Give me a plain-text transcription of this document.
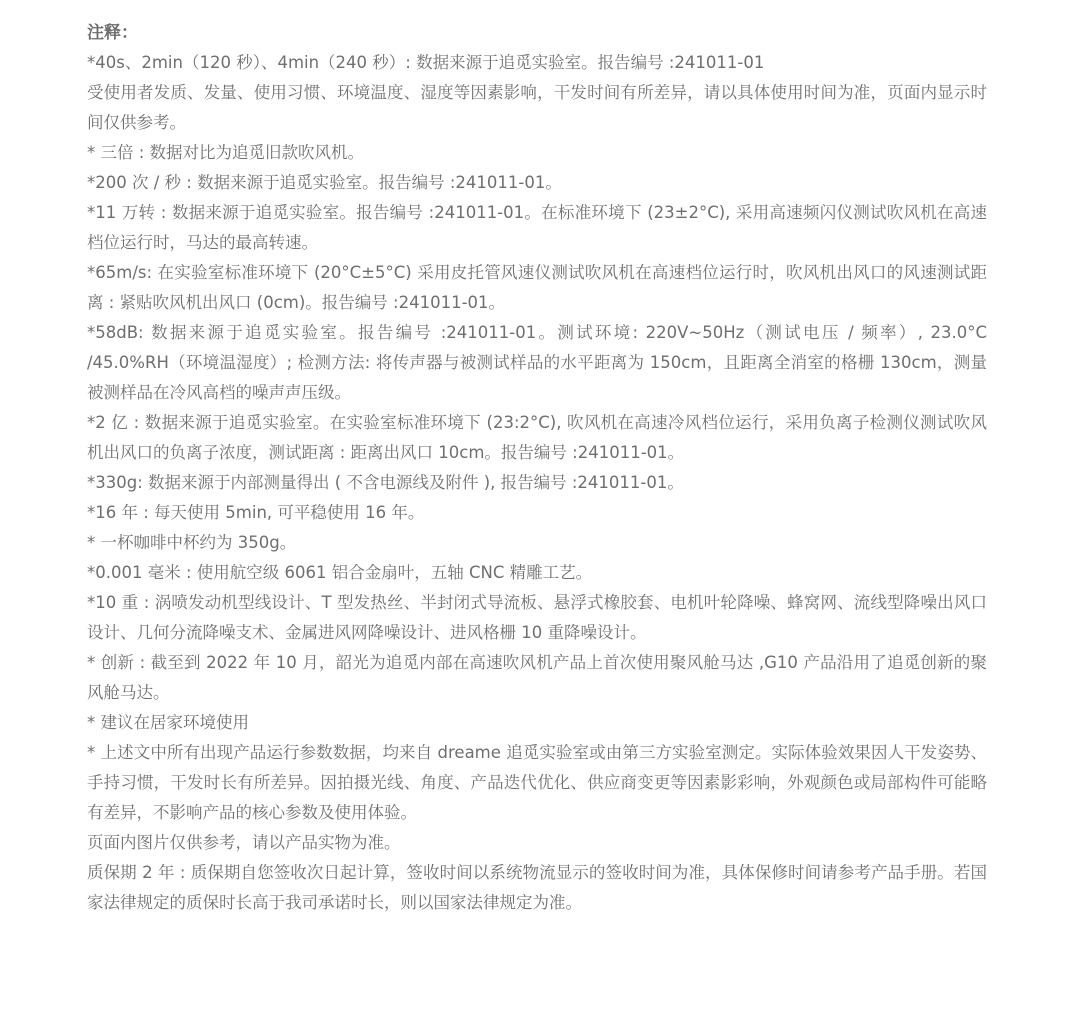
注释：

*40s、2min（120 秒）、4min（240 秒）: 数据来源于追觅实验室。报告编号 :241011-01
受使用者发质、发量、使用习惯、环境温度、湿度等因素影响，干发时间有所差异，请以具体使用时间为准，页面内显示时间仅供参考。
* 三倍 : 数据对比为追觅旧款吹风机。
*200 次 / 秒 : 数据来源于追觅实验室。报告编号 :241011-01。
*11 万转 : 数据来源于追觅实验室。报告编号 :241011-01。在标准环境下 (23±2°C), 采用高速频闪仪测试吹风机在高速档位运行时，马达的最高转速。
*65m/s: 在实验室标准环境下 (20°C±5°C) 采用皮托管风速仪测试吹风机在高速档位运行时，吹风机出风口的风速测试距离 : 紧贴吹风机出风口 (0cm)。报告编号 :241011-01。
*58dB: 数据来源于追觅实验室。报告编号 :241011-01。测试环境: 220V~50Hz（测试电压 / 频率）, 23.0°C /45.0%RH（环境温湿度）; 检测方法: 将传声器与被测试样品的水平距离为 150cm，且距离全消室的格栅 130cm，测量被测样品在冷风高档的噪声声压级。
*2 亿 : 数据来源于追觅实验室。在实验室标准环境下 (23:2°C), 吹风机在高速冷风档位运行，采用负离子检测仪测试吹风机出风口的负离子浓度，测试距离 : 距离出风口 10cm。报告编号 :241011-01。
*330g: 数据来源于内部测量得出 ( 不含电源线及附件 ), 报告编号 :241011-01。
*16 年 : 每天使用 5min, 可平稳使用 16 年。
* 一杯咖啡中杯约为 350g。
*0.001 毫米 : 使用航空级 6061 铝合金扇叶，五轴 CNC 精雕工艺。
*10 重 : 涡喷发动机型线设计、T 型发热丝、半封闭式导流板、悬浮式橡胶套、电机叶轮降噪、蜂窝网、流线型降噪出风口设计、几何分流降噪支术、金属进风网降噪设计、进风格栅 10 重降噪设计。
* 创新 : 截至到 2022 年 10 月，韶光为追觅内部在高速吹风机产品上首次使用聚风舱马达 ,G10 产品沿用了追觅创新的聚风舱马达。
* 建议在居家环境使用
* 上述文中所有出现产品运行参数数据，均来自 dreame 追觅实验室或由第三方实验室测定。实际体验效果因人干发姿势、手持习惯，干发时长有所差异。因拍摄光线、角度、产品迭代优化、供应商变更等因素影彩响，外观颜色或局部构件可能略有差异，不影响产品的核心参数及使用体验。
页面内图片仅供参考，请以产品实物为准。
质保期 2 年 : 质保期自您签收次日起计算，签收时间以系统物流显示的签收时间为准，具体保修时间请参考产品手册。若国家法律规定的质保时长高于我司承诺时长，则以国家法律规定为准。
